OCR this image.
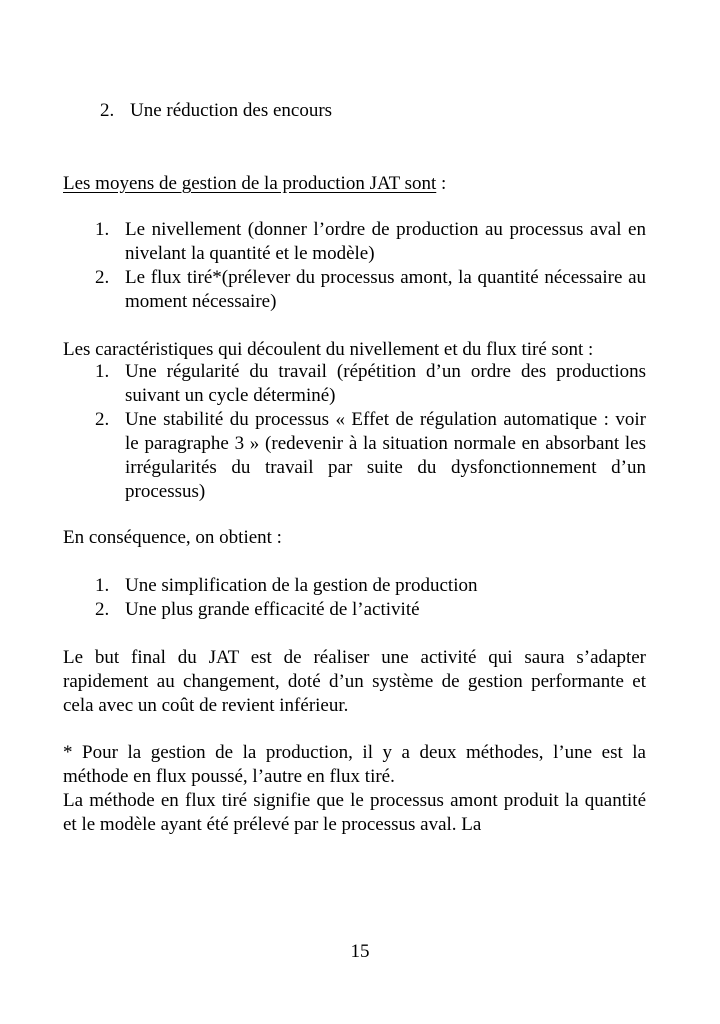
2. Une réduction des encours

Les moyens de gestion de la production JAT sont :

1. Le nivellement (donner l’ordre de production au processus aval en nivelant la quantité et le modèle)
2. Le flux tiré*(prélever du processus amont, la quantité nécessaire au moment nécessaire)

Les caractéristiques qui découlent du nivellement et du flux tiré sont :

1. Une régularité du travail (répétition d’un ordre des productions suivant un cycle déterminé)
2. Une stabilité du processus « Effet de régulation automatique : voir le paragraphe 3 » (redevenir à la situation normale en absorbant les irrégularités du travail par suite du dysfonctionnement d’un processus)

En conséquence, on obtient :

1. Une simplification de la gestion de production
2. Une plus grande efficacité de l’activité

Le but final du JAT est de réaliser une activité qui saura s’adapter rapidement au changement, doté d’un système de gestion performante et cela avec un coût de revient inférieur.

* Pour la gestion de la production, il y a deux méthodes, l’une est la méthode en flux poussé, l’autre en flux tiré.

La méthode en flux tiré signifie que le processus amont produit la quantité et le modèle ayant été prélevé par le processus aval. La

15
